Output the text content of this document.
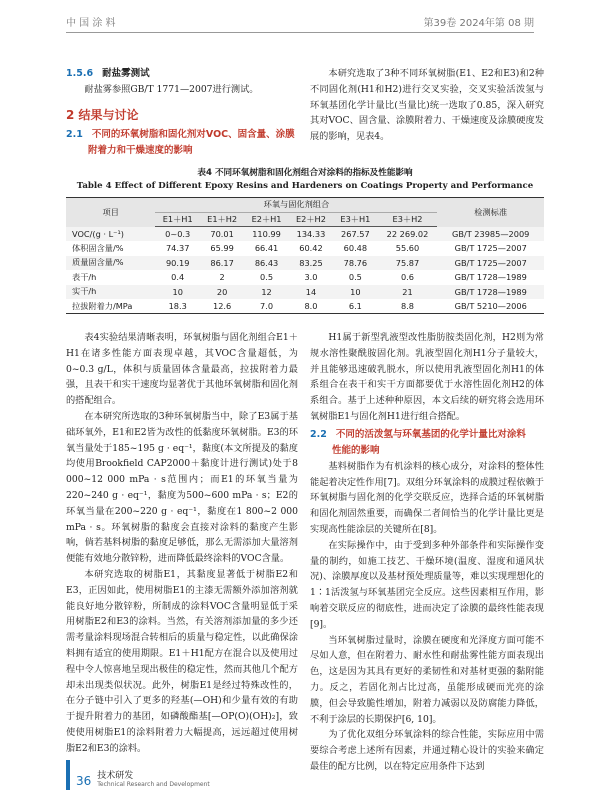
中 国 涂 料	第39卷 2024年第 08 期
1.5.6 耐盐雾测试
耐盐雾参照GB/T 1771—2007进行测试。
2 结果与讨论
2.1 不同的环氧树脂和固化剂对VOC、固含量、涂膜
附着力和干燥速度的影响
本研究选取了3种不同环氧树脂(E1、E2和E3)和2种不同固化剂(H1和H2)进行交叉实验，交叉实验活泼氢与环氧基团化学计量比(当量比)统一选取了0.85，深入研究其对VOC、固含量、涂膜附着力、干燥速度及涂膜硬度发展的影响，见表4。
表4 不同环氧树脂和固化剂组合对涂料的指标及性能影响
Table 4 Effect of Different Epoxy Resins and Hardeners on Coatings Property and Performance
项目	环氧与固化剂组合						检测标准
	E1＋H1	E1＋H2	E2＋H1	E2＋H2	E3＋H1	E3＋H2	
VOC/(g · L⁻¹)	0~0.3	70.01	110.99	134.33	267.57	22 269.02	GB/T 23985—2009
体积固含量/%	74.37	65.99	66.41	60.42	60.48	55.60	GB/T 1725—2007
质量固含量/%	90.19	86.17	86.43	83.25	78.76	75.87	GB/T 1725—2007
表干/h	0.4	2	0.5	3.0	0.5	0.6	GB/T 1728—1989
实干/h	10	20	12	14	10	21	GB/T 1728—1989
拉拔附着力/MPa	18.3	12.6	7.0	8.0	6.1	8.8	GB/T 5210—2006
表4实验结果清晰表明，环氧树脂与固化剂组合E1＋H1在诸多性能方面表现卓越，其VOC含量超低，为0~0.3 g/L，体积与质量固体含量最高，拉拔附着力最强，且表干和实干速度均显著优于其他环氧树脂和固化剂的搭配组合。
在本研究所选取的3种环氧树脂当中，除了E3属于基础环氧外，E1和E2皆为改性的低黏度环氧树脂。E3的环氧当量处于185~195 g · eq⁻¹，黏度(本文所提及的黏度均使用Brookfield CAP2000＋黏度计进行测试)处于8 000~12 000 mPa · s范围内；而E1的环氧当量为220~240 g · eq⁻¹，黏度为500~600 mPa · s；E2的环氧当量在200~220 g · eq⁻¹，黏度在1 800~2 000 mPa · s。环氧树脂的黏度会直接对涂料的黏度产生影响，倘若基料树脂的黏度足够低，那么无需添加大量溶剂便能有效地分散锌粉，进而降低最终涂料的VOC含量。
本研究选取的树脂E1，其黏度显著低于树脂E2和E3，正因如此，使用树脂E1的主漆无需额外添加溶剂就能良好地分散锌粉，所制成的涂料VOC含量明显低于采用树脂E2和E3的涂料。当然，有关溶剂添加量的多少还需考量涂料现场混合转相后的质量与稳定性，以此确保涂料拥有适宜的使用期限。E1＋H1配方在混合以及使用过程中令人惊喜地呈现出极佳的稳定性，然而其他几个配方却未出现类似状况。此外，树脂E1是经过特殊改性的，在分子链中引入了更多的羟基(—OH)和少量有效的有助于提升附着力的基团，如磷酸酯基[—OP(O)(OH)₂]，致使使用树脂E1的涂料附着力大幅提高，远远超过使用树脂E2和E3的涂料。
H1属于新型乳液型改性脂肪胺类固化剂，H2则为常规水溶性聚酰胺固化剂。乳液型固化剂H1分子量较大，并且能够迅速破乳脱水，所以使用乳液型固化剂H1的体系组合在表干和实干方面都要优于水溶性固化剂H2的体系组合。基于上述种种原因，本文后续的研究将会选用环氧树脂E1与固化剂H1进行组合搭配。
2.2 不同的活泼氢与环氧基团的化学计量比对涂料
性能的影响
基料树脂作为有机涂料的核心成分，对涂料的整体性能起着决定性作用[7]。双组分环氧涂料的成膜过程依赖于环氧树脂与固化剂的化学交联反应，选择合适的环氧树脂和固化剂固然重要，而确保二者间恰当的化学计量比更是实现高性能涂层的关键所在[8]。
在实际操作中，由于受到多种外部条件和实际操作变量的制约，如施工技艺、干燥环境(温度、湿度和通风状况)、涂膜厚度以及基材预处理质量等，难以实现理想化的1∶1活泼氢与环氧基团完全反应。这些因素相互作用，影响着交联反应的彻底性，进而决定了涂膜的最终性能表现[9]。
当环氧树脂过量时，涂膜在硬度和光泽度方面可能不尽如人意，但在附着力、耐水性和耐盐雾性能方面表现出色，这是因为其具有更好的柔韧性和对基材更强的黏附能力。反之，若固化剂占比过高，虽能形成硬而光亮的涂膜，但会导致脆性增加，附着力减弱以及防腐能力降低，不利于涂层的长期保护[6, 10]。
为了优化双组分环氧涂料的综合性能，实际应用中需要综合考虑上述所有因素，并通过精心设计的实验来确定最佳的配方比例，以在特定应用条件下达到
36 技术研发
Technical Research and Development
